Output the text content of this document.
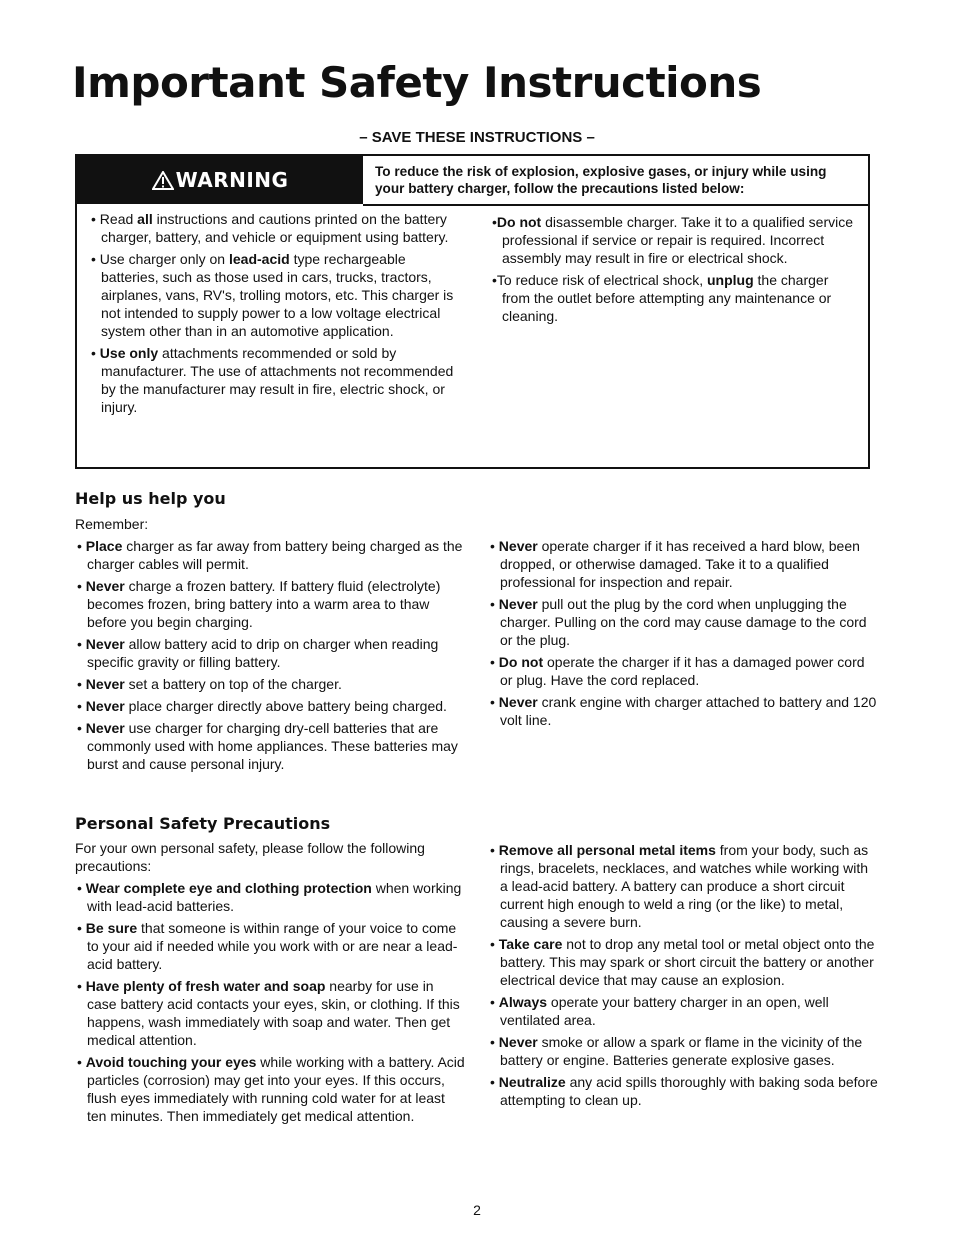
Important Safety Instructions

– SAVE THESE INSTRUCTIONS –

WARNING	To reduce the risk of explosion, explosive gases, or injury while using your battery charger, follow the precautions listed below:

• Read all instructions and cautions printed on the battery charger, battery, and vehicle or equipment using battery.

• Use charger only on lead-acid type rechargeable batteries, such as those used in cars, trucks, tractors, airplanes, vans, RV's, trolling motors, etc. This charger is not intended to supply power to a low voltage electrical system other than in an automotive application.

• Use only attachments recommended or sold by manufacturer. The use of attachments not recommended by the manufacturer may result in fire, electric shock, or injury.

•Do not disassemble charger. Take it to a qualified service professional if service or repair is required. Incorrect assembly may result in fire or electrical shock.

•To reduce risk of electrical shock, unplug the charger from the outlet before attempting any maintenance or cleaning.

Help us help you

Remember:

• Place charger as far away from battery being charged as the charger cables will permit.

• Never charge a frozen battery. If battery fluid (electrolyte) becomes frozen, bring battery into a warm area to thaw before you begin charging.

• Never allow battery acid to drip on charger when reading specific gravity or filling battery.

• Never set a battery on top of the charger.

• Never place charger directly above battery being charged.

• Never use charger for charging dry-cell batteries that are commonly used with home appliances. These batteries may burst and cause personal injury.

• Never operate charger if it has received a hard blow, been dropped, or otherwise damaged. Take it to a qualified professional for inspection and repair.

• Never pull out the plug by the cord when unplugging the charger. Pulling on the cord may cause damage to the cord or the plug.

• Do not operate the charger if it has a damaged power cord or plug. Have the cord replaced.

• Never crank engine with charger attached to battery and 120 volt line.

Personal Safety Precautions

For your own personal safety, please follow the following precautions:

• Wear complete eye and clothing protection when working with lead-acid batteries.

• Be sure that someone is within range of your voice to come to your aid if needed while you work with or are near a lead-acid battery.

• Have plenty of fresh water and soap nearby for use in case battery acid contacts your eyes, skin, or clothing. If this happens, wash immediately with soap and water. Then get medical attention.

• Avoid touching your eyes while working with a battery. Acid particles (corrosion) may get into your eyes. If this occurs, flush eyes immediately with running cold water for at least ten minutes. Then immediately get medical attention.

• Remove all personal metal items from your body, such as rings, bracelets, necklaces, and watches while working with a lead-acid battery. A battery can produce a short circuit current high enough to weld a ring (or the like) to metal, causing a severe burn.

• Take care not to drop any metal tool or metal object onto the battery. This may spark or short circuit the battery or another electrical device that may cause an explosion.

• Always operate your battery charger in an open, well ventilated area.

• Never smoke or allow a spark or flame in the vicinity of the battery or engine. Batteries generate explosive gases.

• Neutralize any acid spills thoroughly with baking soda before attempting to clean up.

2
